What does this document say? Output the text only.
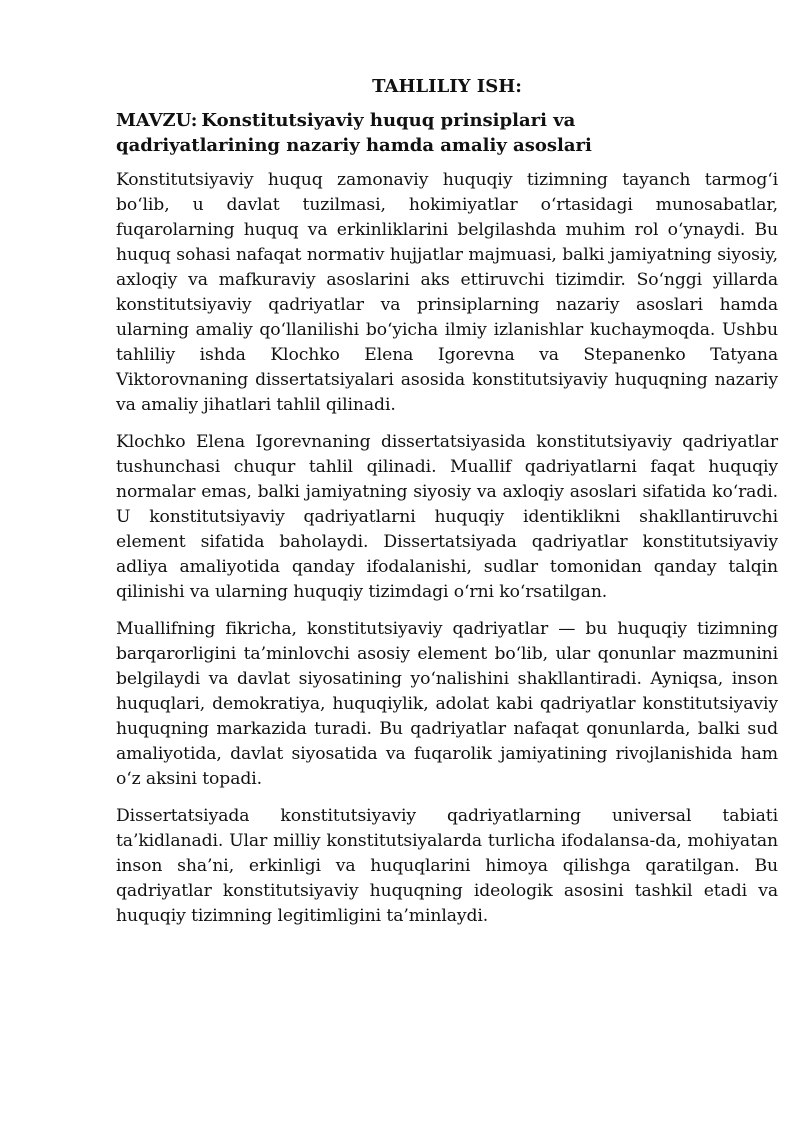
TAHLILIY ISH:
MAVZU: Konstitutsiyaviy huquq prinsiplari va qadriyatlarining nazariy hamda amaliy asoslari

Konstitutsiyaviy huquq zamonaviy huquqiy tizimning tayanch tarmog‘i bo‘lib, u davlat tuzilmasi, hokimiyatlar o‘rtasidagi munosabatlar, fuqarolarning huquq va erkinliklarini belgilashda muhim rol o‘ynaydi. Bu huquq sohasi nafaqat normativ hujjatlar majmuasi, balki jamiyatning siyosiy, axloqiy va mafkuraviy asoslarini aks ettiruvchi tizimdir. So‘nggi yillarda konstitutsiyaviy qadriyatlar va prinsiplarning nazariy asoslari hamda ularning amaliy qo‘llanilishi bo‘yicha ilmiy izlanishlar kuchaymoqda. Ushbu tahliliy ishda Klochko Elena Igorevna va Stepanenko Tatyana Viktorovnaning dissertatsiyalari asosida konstitutsiyaviy huquqning nazariy va amaliy jihatlari tahlil qilinadi.

Klochko Elena Igorevnaning dissertatsiyasida konstitutsiyaviy qadriyatlar tushunchasi chuqur tahlil qilinadi. Muallif qadriyatlarni faqat huquqiy normalar emas, balki jamiyatning siyosiy va axloqiy asoslari sifatida ko‘radi. U konstitutsiyaviy qadriyatlarni huquqiy identiklikni shakllantiruvchi element sifatida baholaydi. Dissertatsiyada qadriyatlar konstitutsiyaviy adliya amaliyotida qanday ifodalanishi, sudlar tomonidan qanday talqin qilinishi va ularning huquqiy tizimdagi o‘rni ko‘rsatilgan.

Muallifning fikricha, konstitutsiyaviy qadriyatlar — bu huquqiy tizimning barqarorligini ta’minlovchi asosiy element bo‘lib, ular qonunlar mazmunini belgilaydi va davlat siyosatining yo‘nalishini shakllantiradi. Ayniqsa, inson huquqlari, demokratiya, huquqiylik, adolat kabi qadriyatlar konstitutsiyaviy huquqning markazida turadi. Bu qadriyatlar nafaqat qonunlarda, balki sud amaliyotida, davlat siyosatida va fuqarolik jamiyatining rivojlanishida ham o‘z aksini topadi.

Dissertatsiyada konstitutsiyaviy qadriyatlarning universal tabiati ta’kidlanadi. Ular milliy konstitutsiyalarda turlicha ifodalansa-da, mohiyatan inson sha’ni, erkinligi va huquqlarini himoya qilishga qaratilgan. Bu qadriyatlar konstitutsiyaviy huquqning ideologik asosini tashkil etadi va huquqiy tizimning legitimligini ta’minlaydi.
